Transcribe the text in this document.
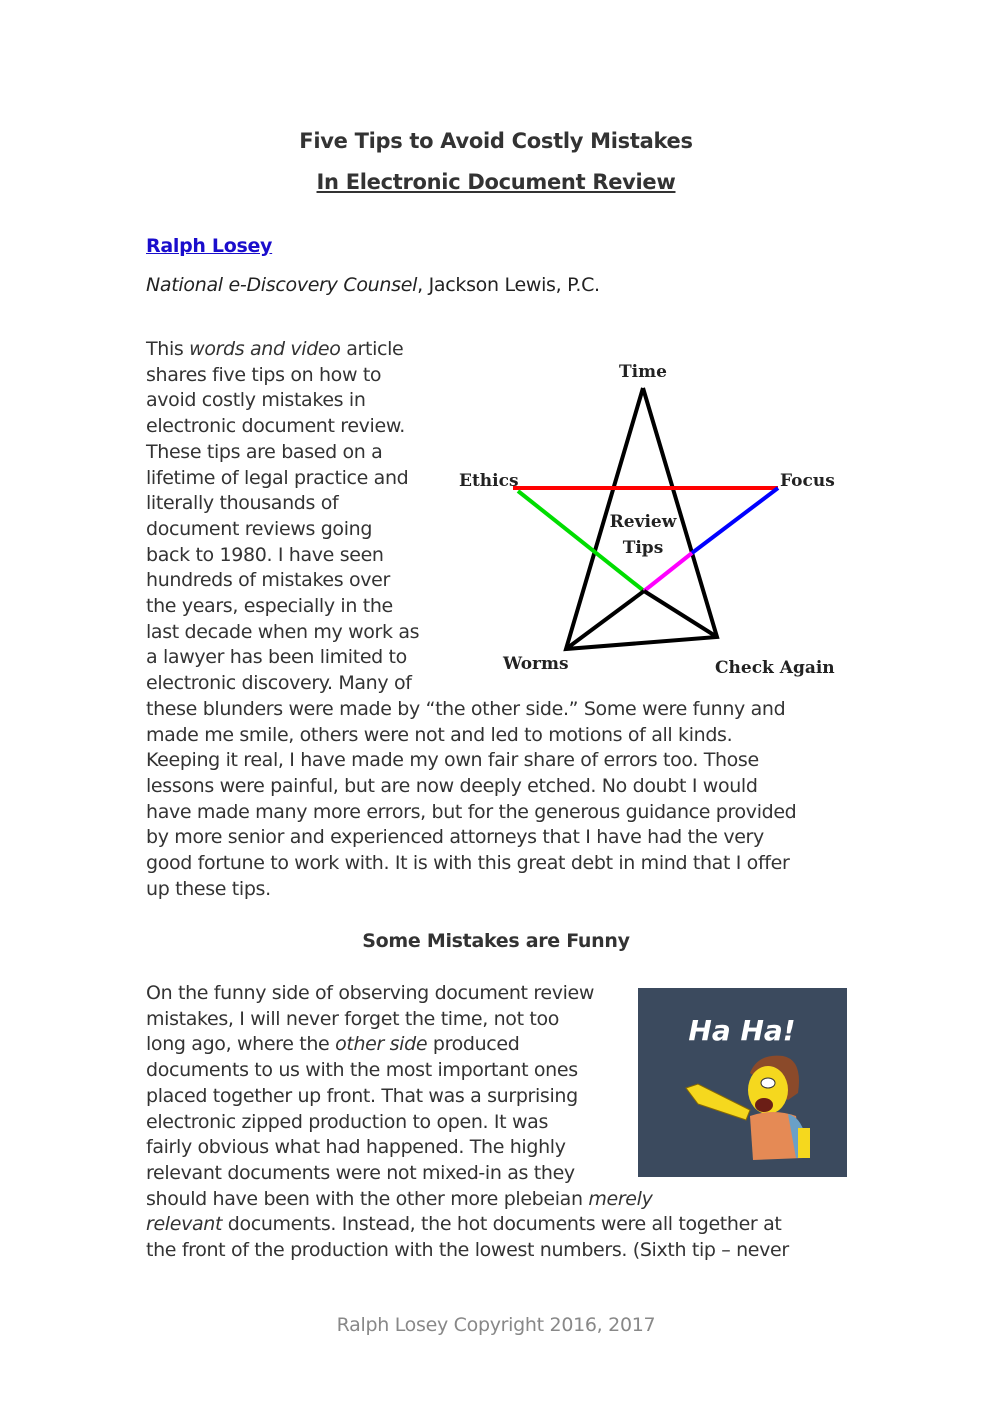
Five Tips to Avoid Costly Mistakes
In Electronic Document Review
Ralph Losey
National e-Discovery Counsel, Jackson Lewis, P.C.
This words and video article
shares five tips on how to
avoid costly mistakes in
electronic document review.
These tips are based on a
lifetime of legal practice and
literally thousands of
document reviews going
back to 1980. I have seen
hundreds of mistakes over
the years, especially in the
last decade when my work as
a lawyer has been limited to
electronic discovery. Many of
these blunders were made by “the other side.” Some were funny and
made me smile, others were not and led to motions of all kinds.
Keeping it real, I have made my own fair share of errors too. Those
lessons were painful, but are now deeply etched. No doubt I would
have made many more errors, but for the generous guidance provided
by more senior and experienced attorneys that I have had the very
good fortune to work with. It is with this great debt in mind that I offer
up these tips.
Time
Ethics	Focus
Worms	Check Again
Review
Tips
Some Mistakes are Funny
On the funny side of observing document review
mistakes, I will never forget the time, not too
long ago, where the other side produced
documents to us with the most important ones
placed together up front. That was a surprising
electronic zipped production to open. It was
fairly obvious what had happened. The highly
relevant documents were not mixed-in as they
should have been with the other more plebeian merely
relevant documents. Instead, the hot documents were all together at
the front of the production with the lowest numbers. (Sixth tip – never
Ha Ha!
Ralph Losey Copyright 2016, 2017
